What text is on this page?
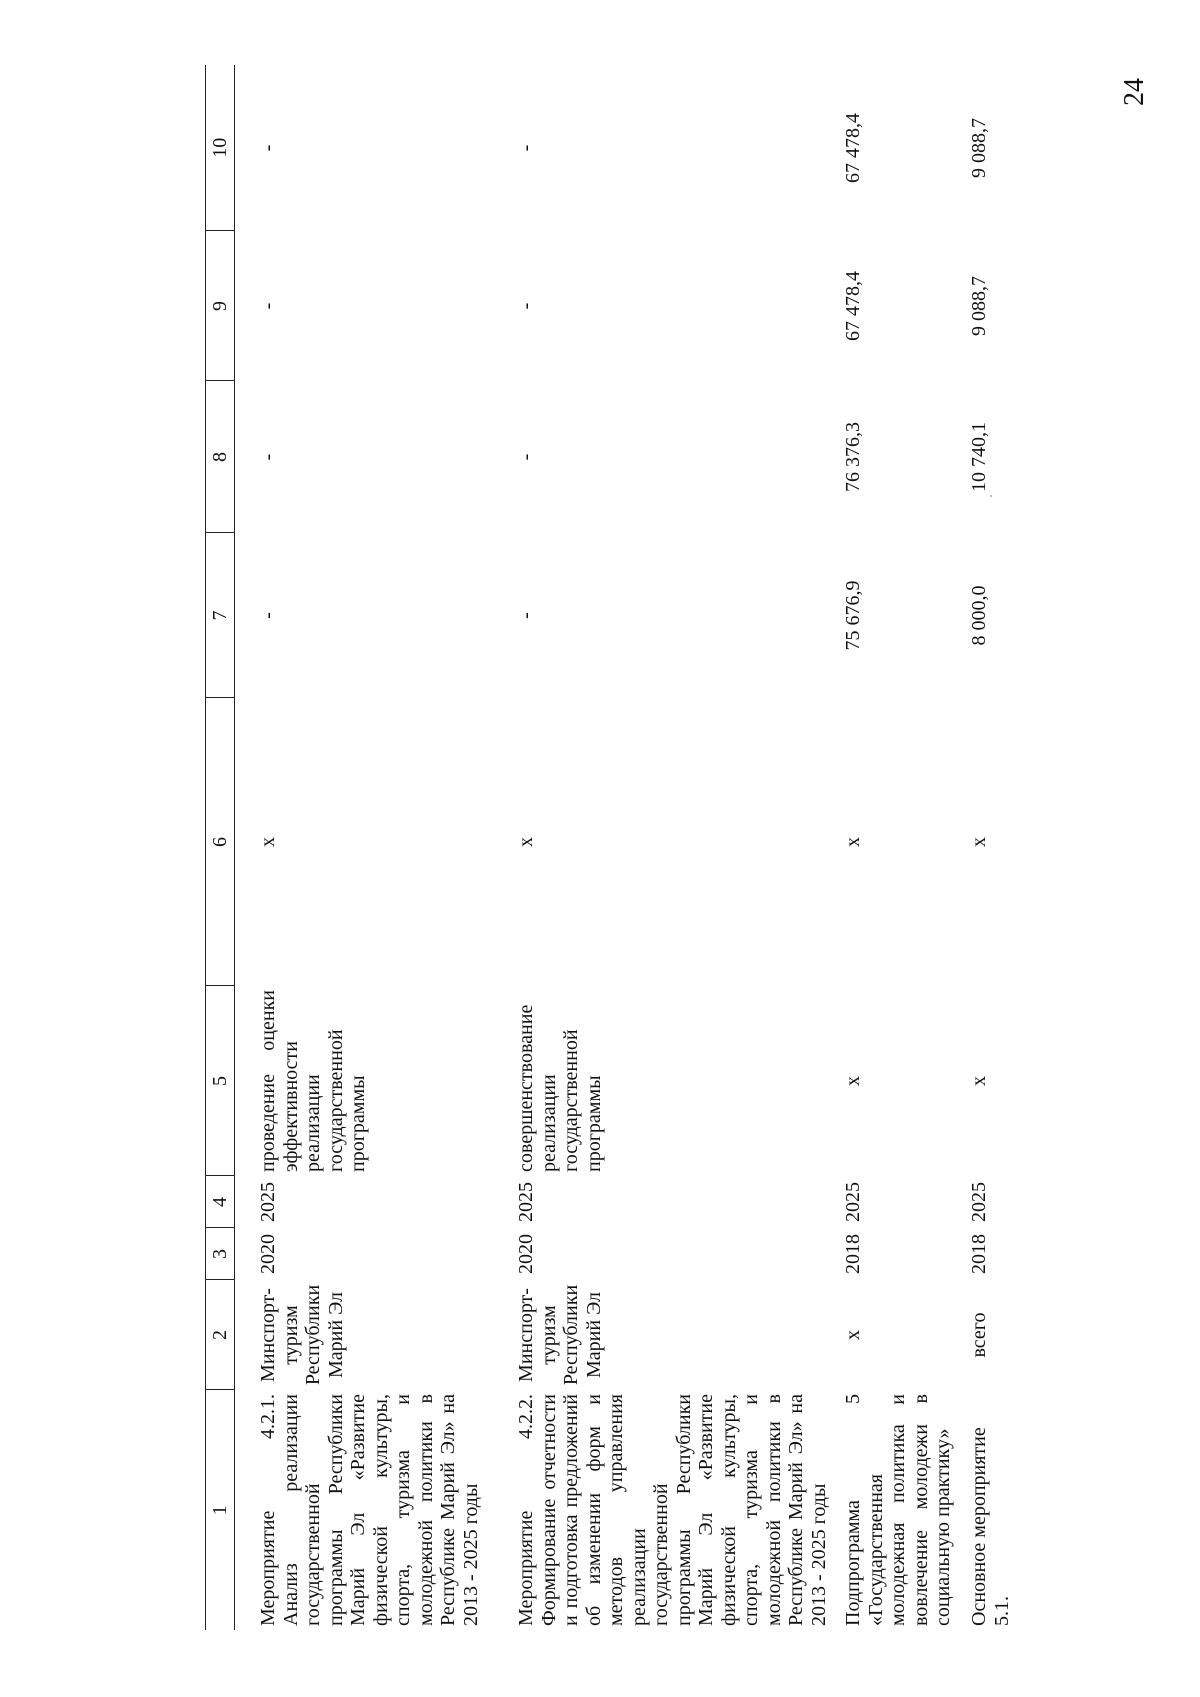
24
1	2	3	4	5	6	7	8	9	10
Мероприятие 4.2.1. Анализ реализации государственной программы Республики Марий Эл «Развитие физической культуры, спорта, туризма и молодежной политики в Республике Марий Эл» на 2013 - 2025 годы	Минспорт-туризм Республики Марий Эл	2020	2025	проведение оценки эффективности реализации государственной программы	x	-	-	-	-
Мероприятие 4.2.2. Формирование отчетности и подготовка предложений об изменении форм и методов управления реализации государственной программы Республики Марий Эл «Развитие физической культуры, спорта, туризма и молодежной политики в Республике Марий Эл» на 2013 - 2025 годы	Минспорт-туризм Республики Марий Эл	2020	2025	совершенствование реализации государственной программы	x	-	-	-	-
Подпрограмма 5 «Государственная молодежная политика и вовлечение молодежи в социальную практику»	x	2018	2025	x	x	75 676,9	76 376,3	67 478,4	67 478,4
Основное мероприятие 5.1.	всего	2018	2025	x	x	8 000,0	10 740,1	9 088,7	9 088,7
